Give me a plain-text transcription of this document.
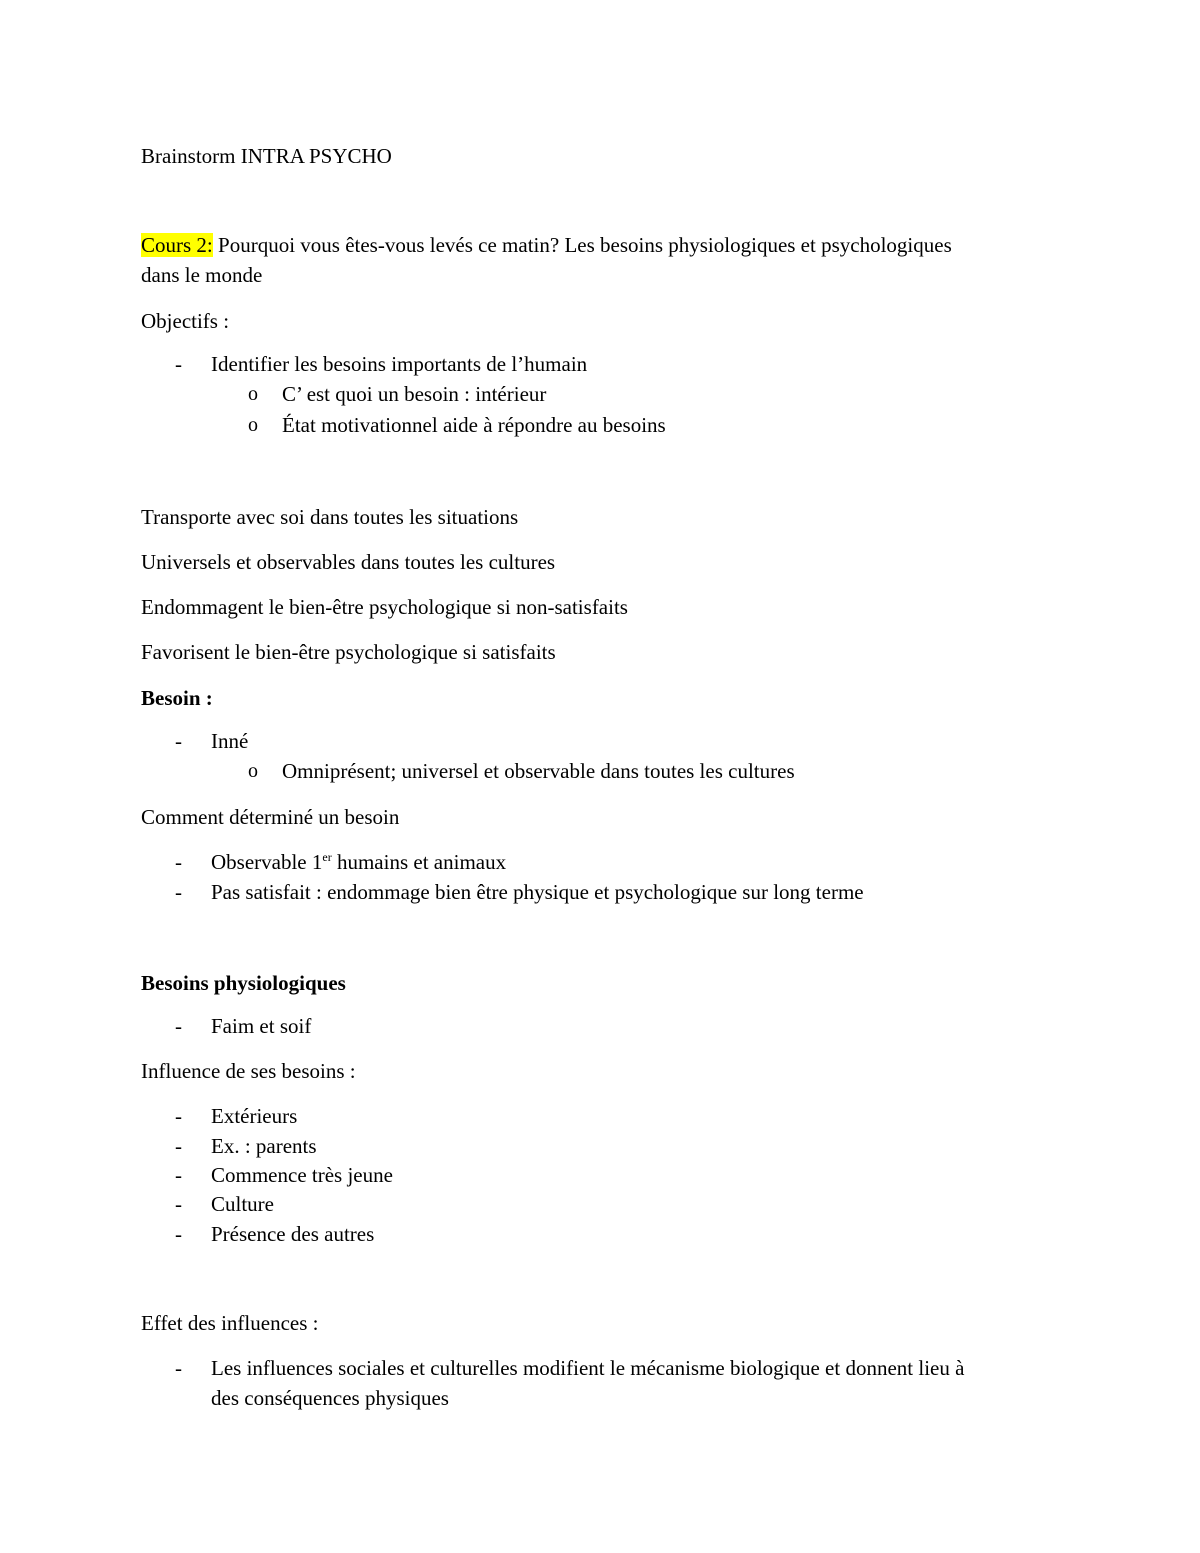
Brainstorm INTRA PSYCHO
Cours 2: Pourquoi vous êtes-vous levés ce matin? Les besoins physiologiques et psychologiques
dans le monde
Objectifs :
- Identifier les besoins importants de l’humain
o C’ est quoi un besoin : intérieur
o État motivationnel aide à répondre au besoins
Transporte avec soi dans toutes les situations
Universels et observables dans toutes les cultures
Endommagent le bien-être psychologique si non-satisfaits
Favorisent le bien-être psychologique si satisfaits
Besoin :
- Inné
o Omniprésent; universel et observable dans toutes les cultures
Comment déterminé un besoin
- Observable 1er humains et animaux
- Pas satisfait : endommage bien être physique et psychologique sur long terme
Besoins physiologiques
- Faim et soif
Influence de ses besoins :
- Extérieurs
- Ex. : parents
- Commence très jeune
- Culture
- Présence des autres
Effet des influences :
- Les influences sociales et culturelles modifient le mécanisme biologique et donnent lieu à
des conséquences physiques
